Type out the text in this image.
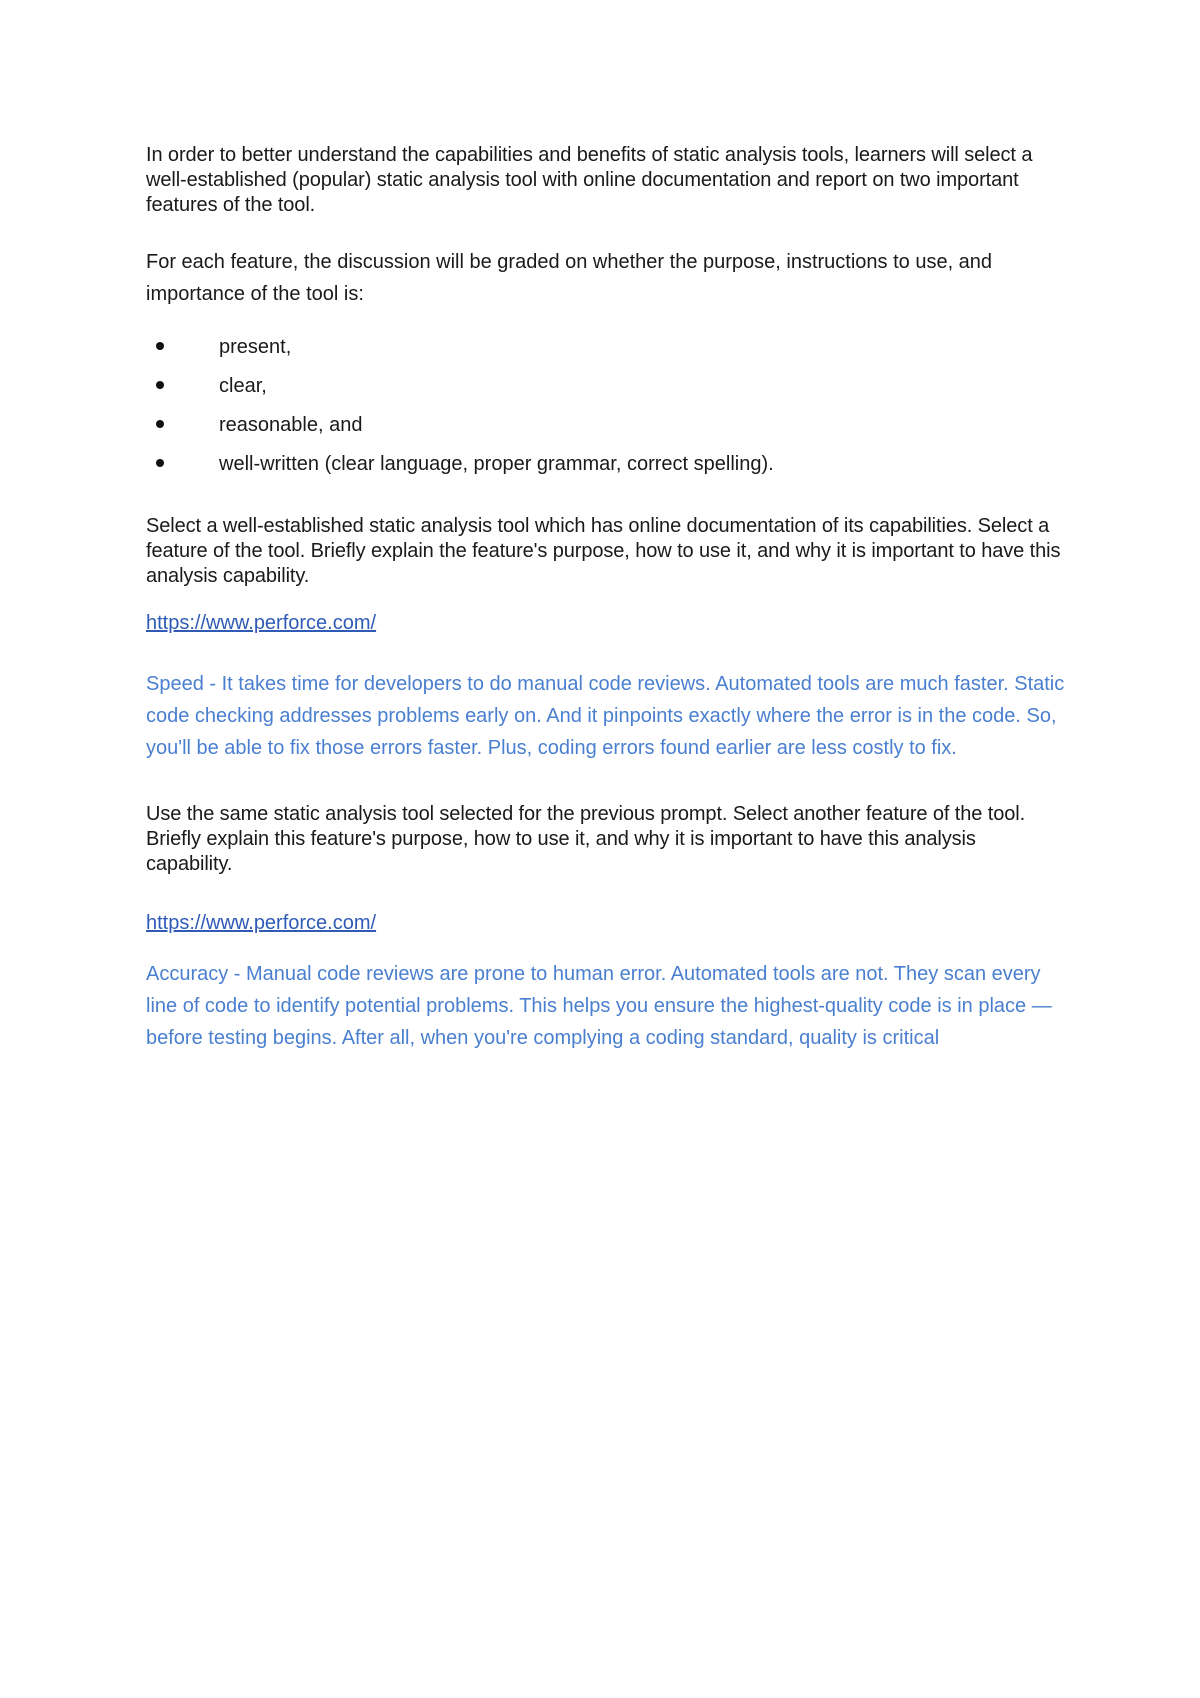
In order to better understand the capabilities and benefits of static analysis tools, learners will select a well-established (popular) static analysis tool with online documentation and report on two important features of the tool.

For each feature, the discussion will be graded on whether the purpose, instructions to use, and importance of the tool is:

present,
clear,
reasonable, and
well-written (clear language, proper grammar, correct spelling).

Select a well-established static analysis tool which has online documentation of its capabilities. Select a feature of the tool. Briefly explain the feature's purpose, how to use it, and why it is important to have this analysis capability.

https://www.perforce.com/

Speed - It takes time for developers to do manual code reviews. Automated tools are much faster. Static code checking addresses problems early on. And it pinpoints exactly where the error is in the code. So, you'll be able to fix those errors faster. Plus, coding errors found earlier are less costly to fix.

Use the same static analysis tool selected for the previous prompt. Select another feature of the tool. Briefly explain this feature's purpose, how to use it, and why it is important to have this analysis capability.

https://www.perforce.com/

Accuracy - Manual code reviews are prone to human error. Automated tools are not. They scan every line of code to identify potential problems. This helps you ensure the highest-quality code is in place — before testing begins. After all, when you're complying a coding standard, quality is critical
